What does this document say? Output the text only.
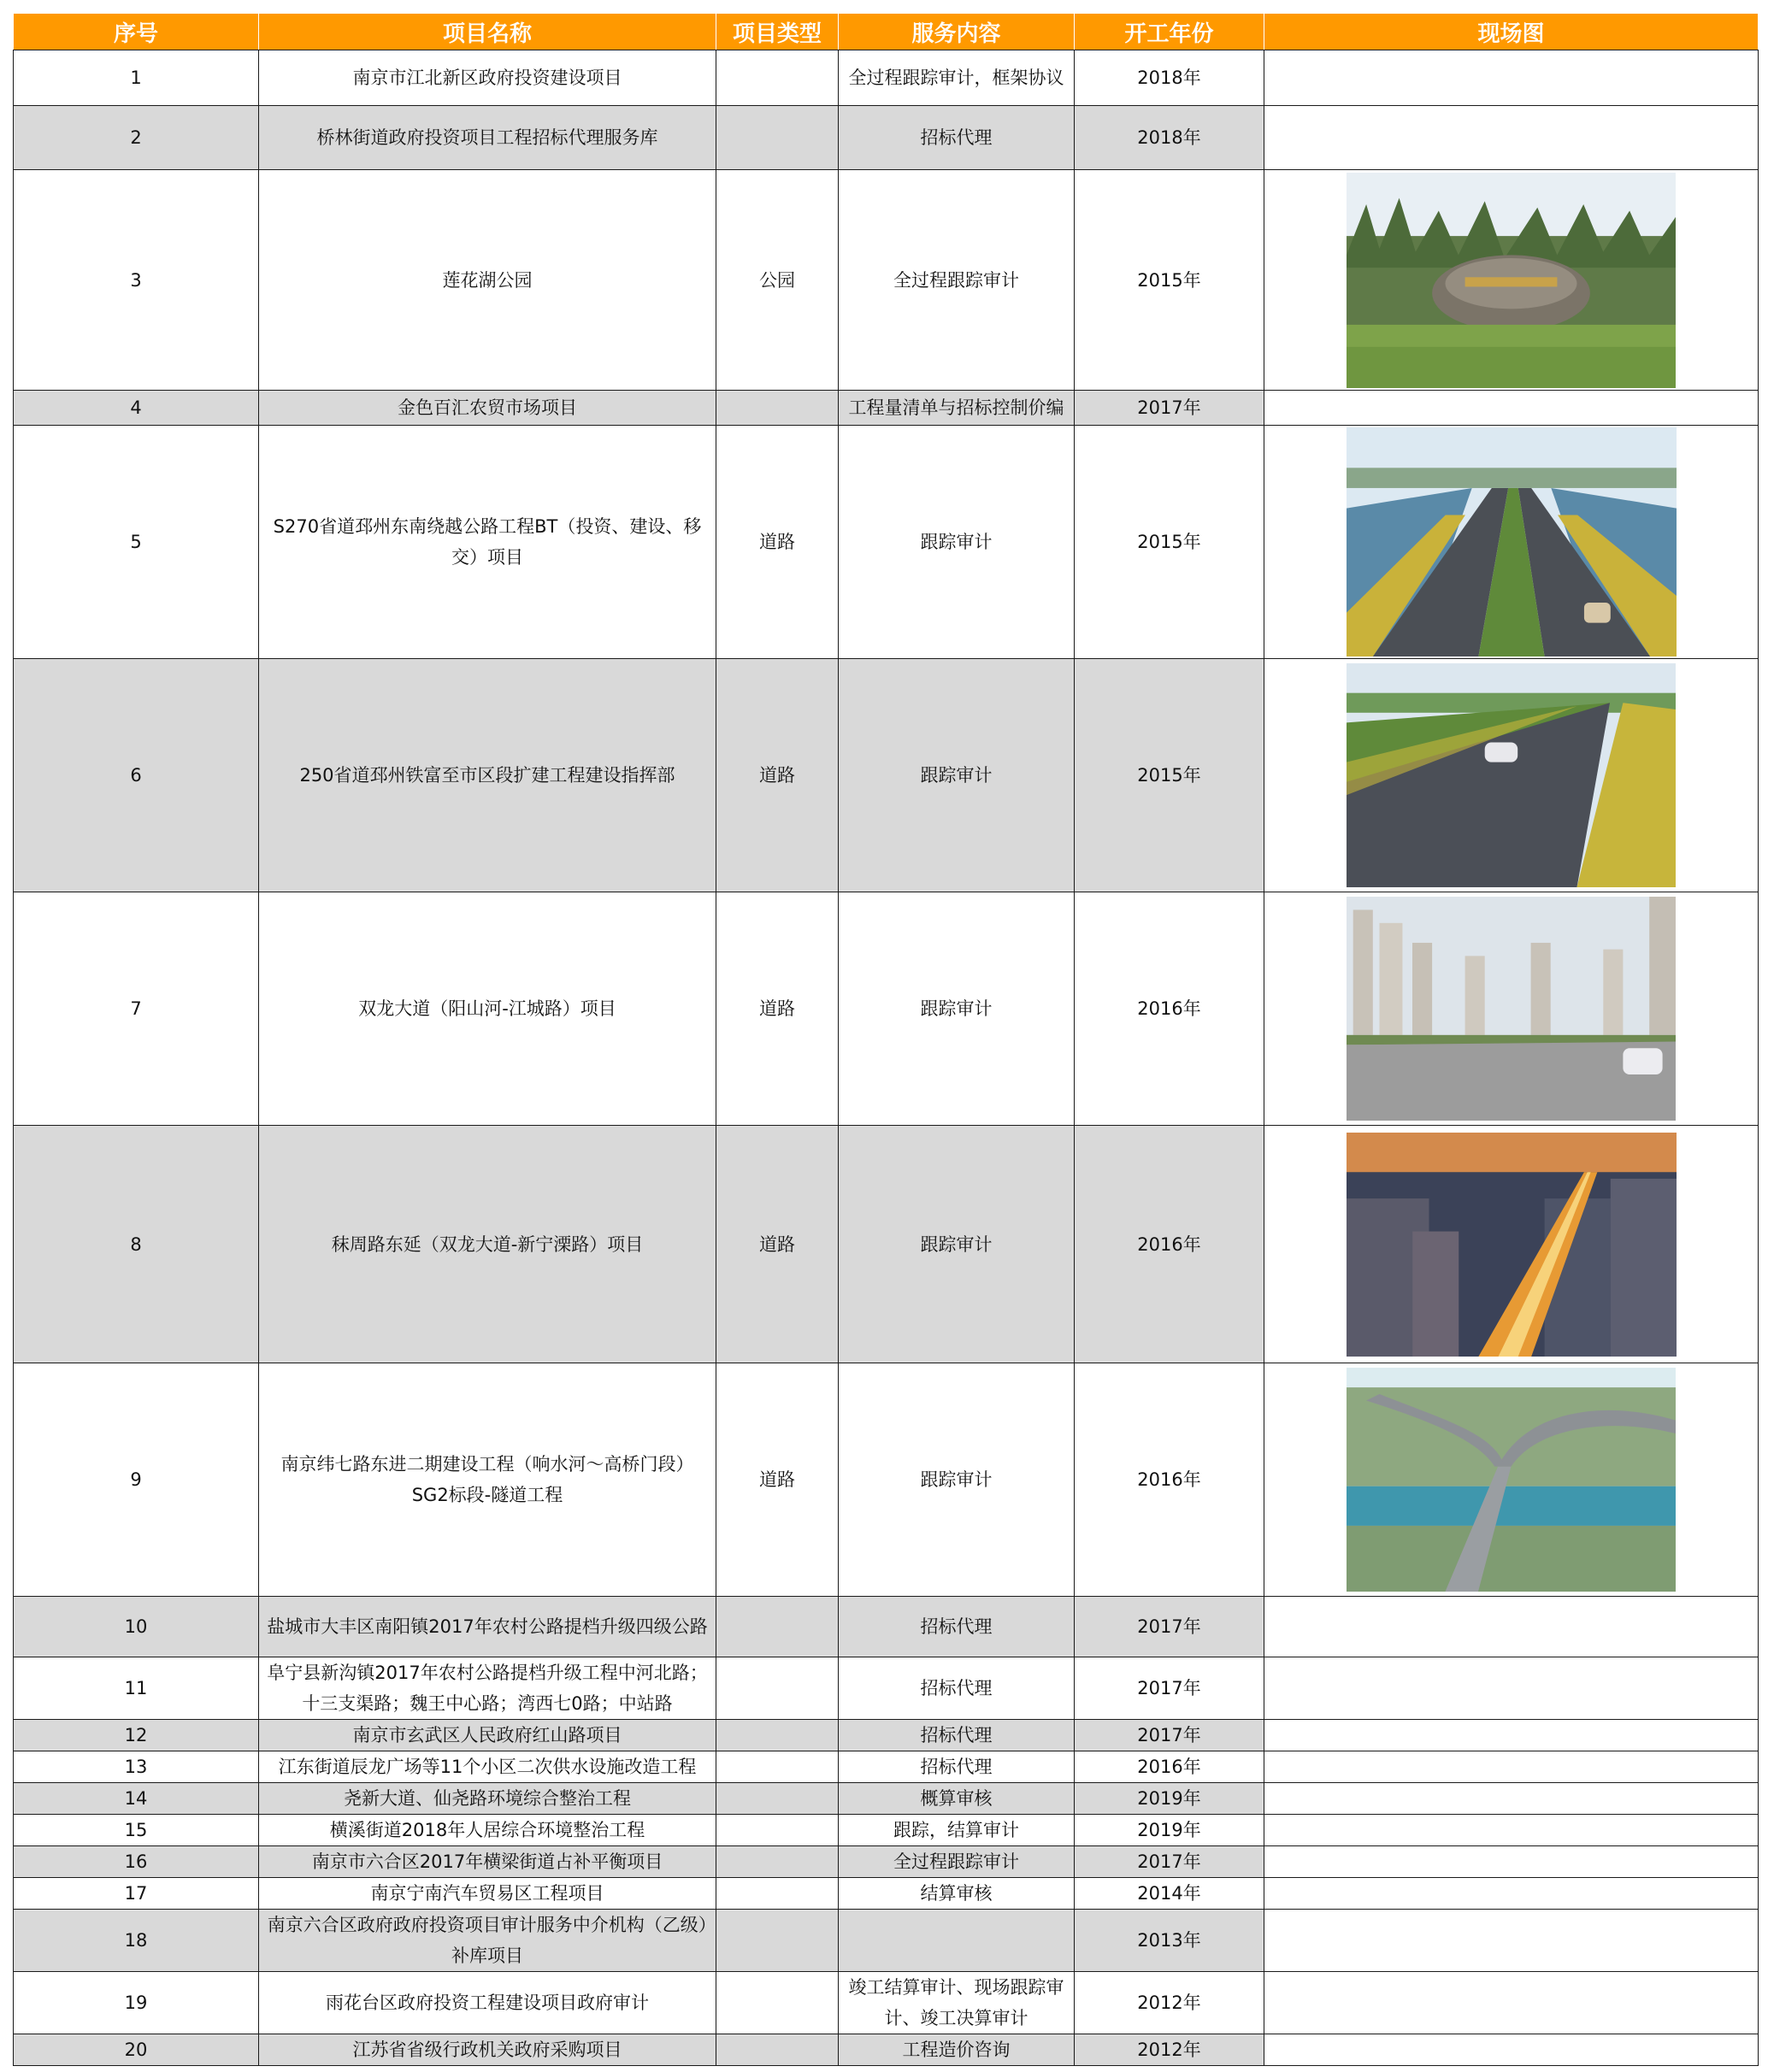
序号	项目名称	项目类型	服务内容	开工年份	现场图
1	南京市江北新区政府投资建设项目		全过程跟踪审计，框架协议	2018年	
2	桥林街道政府投资项目工程招标代理服务库		招标代理	2018年	
3	莲花湖公园	公园	全过程跟踪审计	2015年	

4	金色百汇农贸市场项目		工程量清单与招标控制价编	2017年	
5	S270省道邳州东南绕越公路工程BT（投资、建设、移交）项目	道路	跟踪审计	2015年	

6	250省道邳州铁富至市区段扩建工程建设指挥部	道路	跟踪审计	2015年	

7	双龙大道（阳山河-江城路）项目	道路	跟踪审计	2016年	

8	秣周路东延（双龙大道-新宁溧路）项目	道路	跟踪审计	2016年	

9	南京纬七路东进二期建设工程（响水河～高桥门段）SG2标段-隧道工程	道路	跟踪审计	2016年	

10	盐城市大丰区南阳镇2017年农村公路提档升级四级公路		招标代理	2017年	
11	阜宁县新沟镇2017年农村公路提档升级工程中河北路；十三支渠路；魏王中心路；湾西七0路；中站路		招标代理	2017年	
12	南京市玄武区人民政府红山路项目		招标代理	2017年	
13	江东街道辰龙广场等11个小区二次供水设施改造工程		招标代理	2016年	
14	尧新大道、仙尧路环境综合整治工程		概算审核	2019年	
15	横溪街道2018年人居综合环境整治工程		跟踪，结算审计	2019年	
16	南京市六合区2017年横梁街道占补平衡项目		全过程跟踪审计	2017年	
17	南京宁南汽车贸易区工程项目		结算审核	2014年	
18	南京六合区政府政府投资项目审计服务中介机构（乙级）补库项目			2013年	
19	雨花台区政府投资工程建设项目政府审计		竣工结算审计、现场跟踪审计、竣工决算审计	2012年	
20	江苏省省级行政机关政府采购项目		工程造价咨询	2012年	
